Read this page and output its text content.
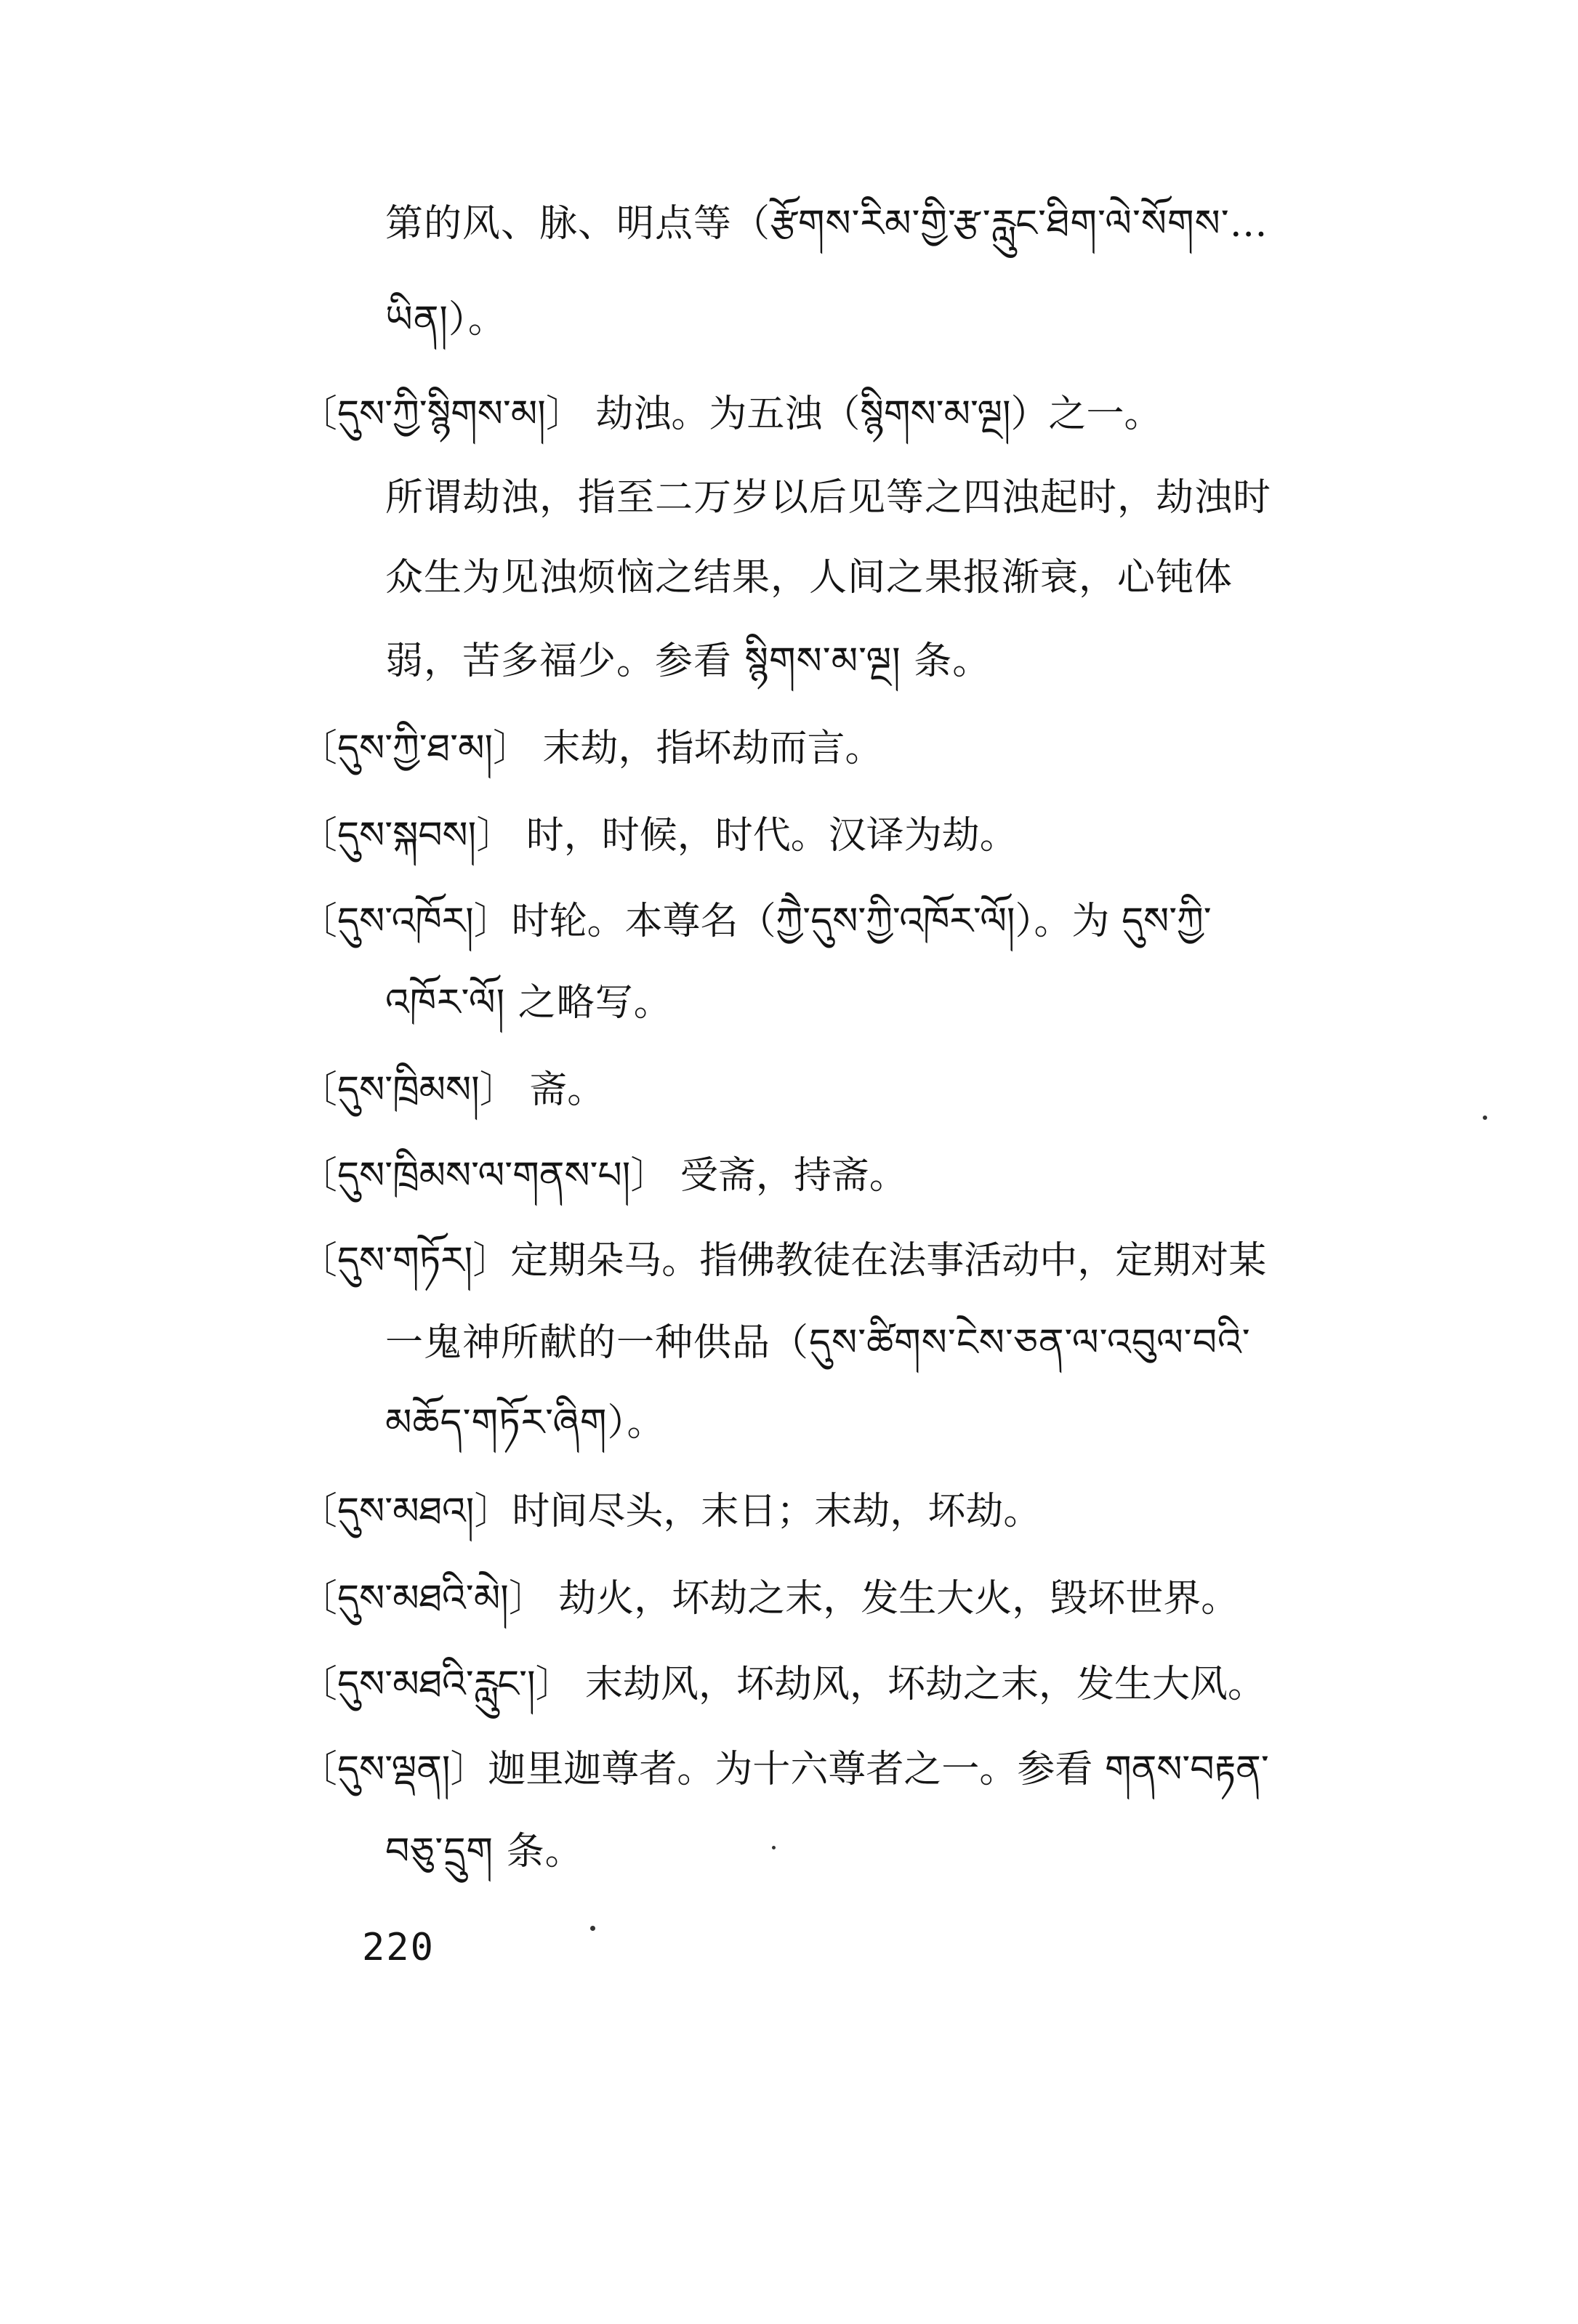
第的风、脉、明点等（རྩོགས་རིམ་གྱི་རྩ་རླུང་ཐིག་ལེ་སོགས་…
ཡིན།）。
〔དུས་ཀྱི་སྙིགས་མ།〕 劫浊。为五浊（སྙིགས་མ་ལྔ།）之一。
所谓劫浊，指至二万岁以后见等之四浊起时，劫浊时
众生为见浊烦恼之结果，人间之果报渐衰，心钝体
弱，苦多福少。参看 སྙིགས་མ་ལྔ། 条。
〔དུས་ཀྱི་ཐ་མ།〕 末劫，指坏劫而言。
〔དུས་སྐབས།〕 时，时候，时代。汉译为劫。
〔དུས་འཁོར།〕时轮。本尊名（ཀྱཻ་དུས་ཀྱི་འཁོར་ལོ།）。为 དུས་ཀྱི་
འཁོར་ལོ། 之略写。
〔དུས་ཁྲིམས།〕 斋。
〔དུས་ཁྲིམས་ལ་གནས་པ།〕 受斋，持斋。
〔དུས་གཏོར།〕定期朵马。指佛教徒在法事活动中，定期对某
一鬼神所献的一种供品（དུས་ཚིགས་ངེས་ཅན་ལ་འབུལ་བའི་
མཆོད་གཏོར་ཞིག）。
〔དུས་མཐའ།〕时间尽头，末日；末劫，坏劫。
〔དུས་མཐའི་མེ།〕 劫火，坏劫之末，发生大火，毁坏世界。
〔དུས་མཐའི་རླུང་།〕 末劫风，坏劫风，坏劫之末，发生大风。
〔དུས་ལྡན།〕迦里迦尊者。为十六尊者之一。参看 གནས་བརྟན་
བཅུ་དྲུག 条。
220
